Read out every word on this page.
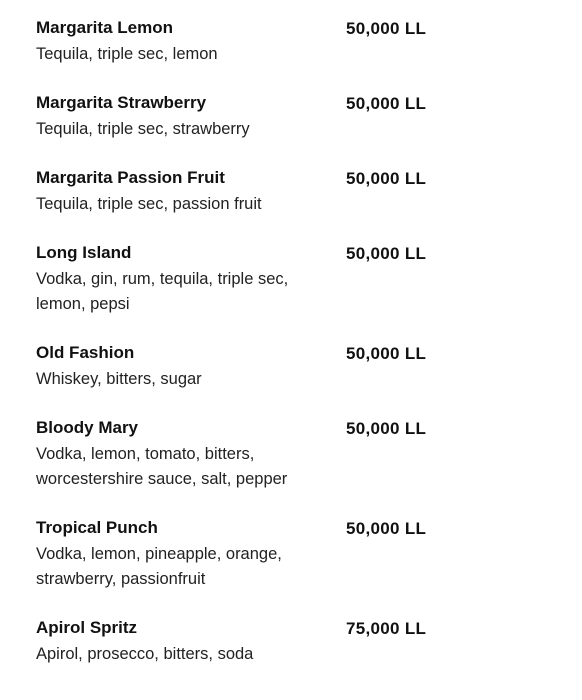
Margarita Lemon
Tequila, triple sec, lemon
50,000 LL
Margarita Strawberry
Tequila, triple sec, strawberry
50,000 LL
Margarita Passion Fruit
Tequila, triple sec, passion fruit
50,000 LL
Long Island
Vodka, gin, rum, tequila, triple sec, lemon, pepsi
50,000 LL
Old Fashion
Whiskey, bitters, sugar
50,000 LL
Bloody Mary
Vodka, lemon, tomato, bitters, worcestershire sauce, salt, pepper
50,000 LL
Tropical Punch
Vodka, lemon, pineapple, orange, strawberry, passionfruit
50,000 LL
Apirol Spritz
Apirol, prosecco, bitters, soda
75,000 LL
